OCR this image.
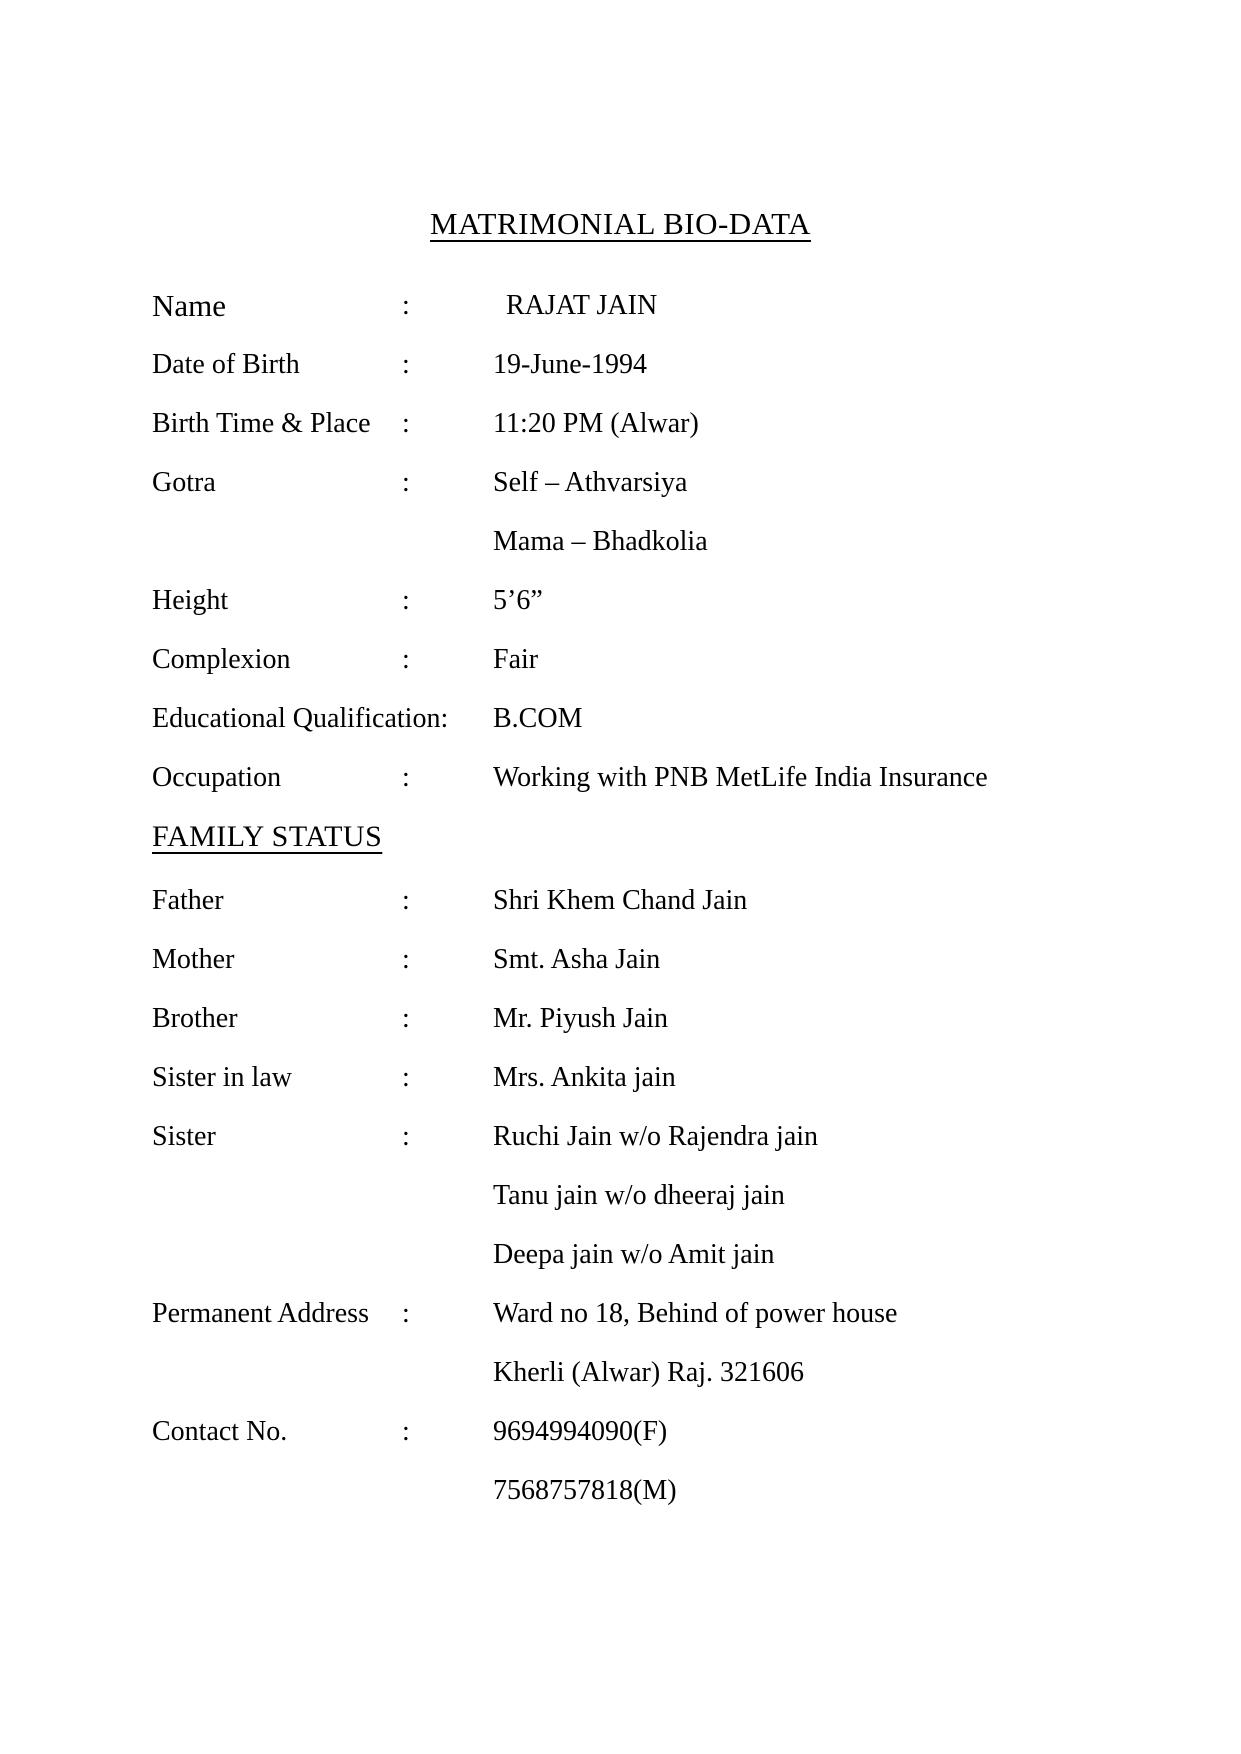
MATRIMONIAL BIO-DATA
Name	:	RAJAT JAIN
Date of Birth	:	19-June-1994
Birth Time & Place	:	11:20 PM (Alwar)
Gotra	:	Self – Athvarsiya
Mama – Bhadkolia
Height	:	5’6”
Complexion	:	Fair
Educational Qualification:	B.COM
Occupation	:	Working with PNB MetLife India Insurance
FAMILY STATUS
Father	:	Shri Khem Chand Jain
Mother	:	Smt. Asha Jain
Brother	:	Mr. Piyush Jain
Sister in law	:	Mrs. Ankita jain
Sister	:	Ruchi Jain w/o Rajendra jain
Tanu jain w/o dheeraj jain
Deepa jain w/o Amit jain
Permanent Address	:	Ward no 18, Behind of power house
Kherli (Alwar) Raj. 321606
Contact No.	:	9694994090(F)
7568757818(M)
